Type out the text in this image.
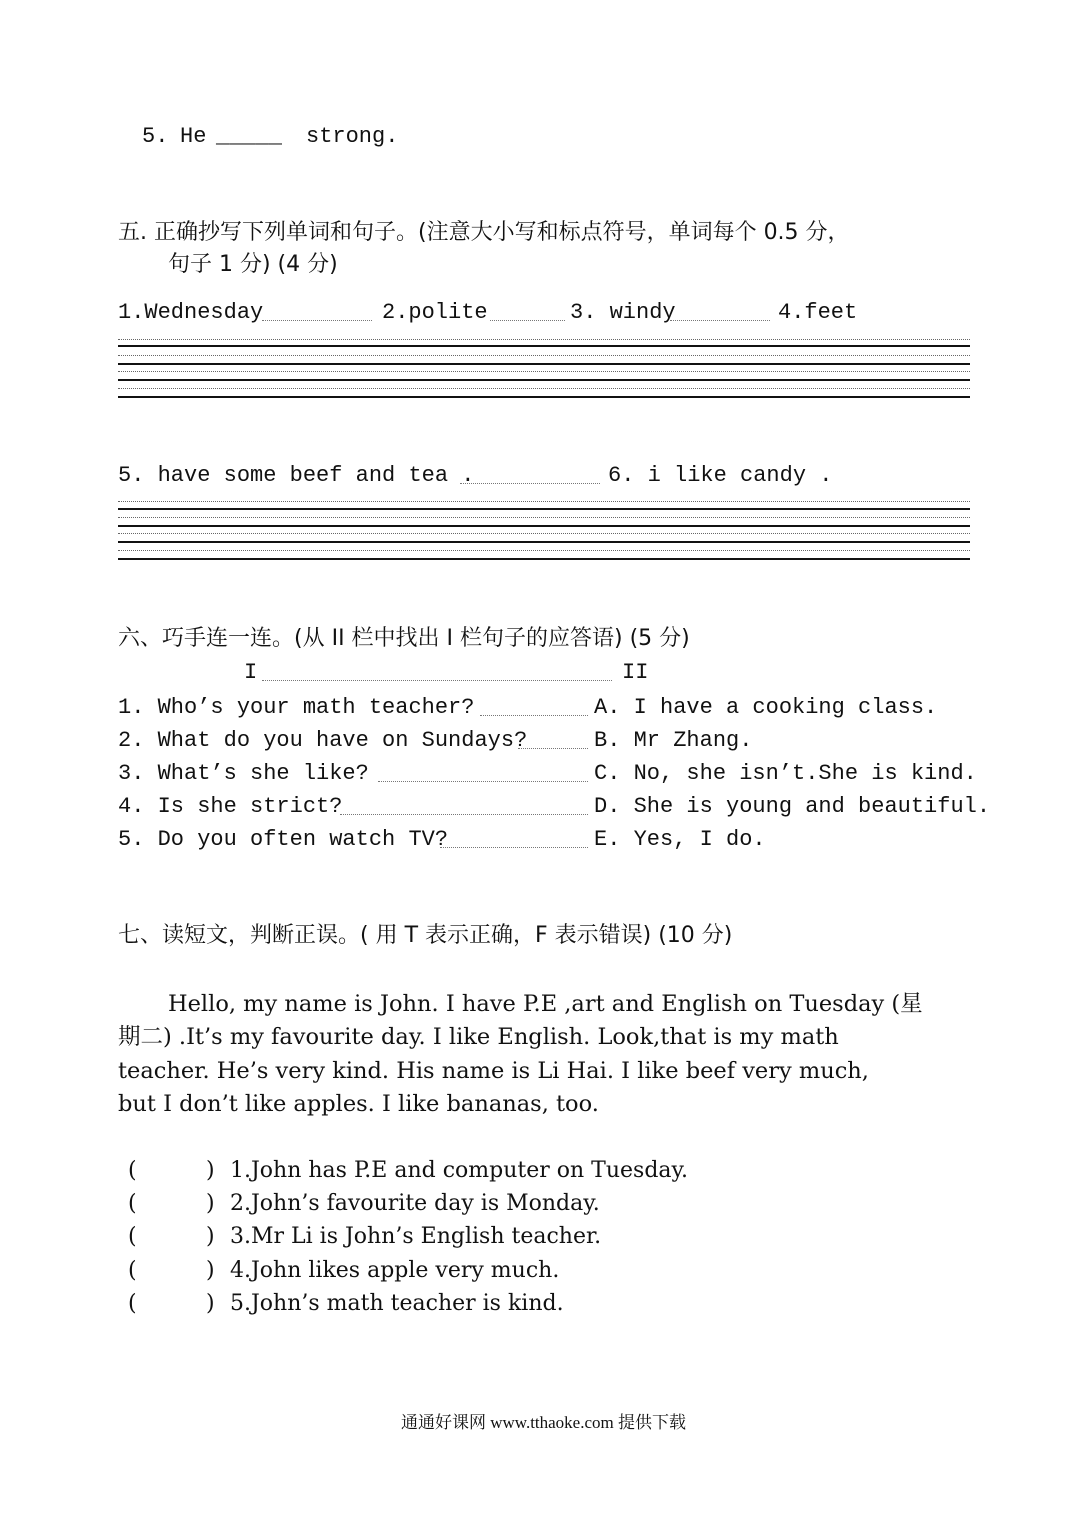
5. He _____ strong.
五. 正确抄写下列单词和句子。(注意大小写和标点符号，单词每个 0.5 分，
句子 1 分) (4 分)
1.Wednesday	2.polite	3. windy	4.feet
5. have some beef and tea .	6. i like candy .
六、巧手连一连。(从 II 栏中找出 I 栏句子的应答语) (5 分)
I	II
1. Who’s your math teacher?	A. I have a cooking class.
2. What do you have on Sundays?	B. Mr Zhang.
3. What’s she like?	C. No, she isn’t.She is kind.
4. Is she strict?	D. She is young and beautiful.
5. Do you often watch TV?	E. Yes, I do.
七、读短文，判断正误。( 用 T 表示正确，F 表示错误) (10 分)
Hello, my name is John. I have P.E ,art and English on Tuesday (星
期二) .It’s my favourite day. I like English. Look,that is my math
teacher. He’s very kind. His name is Li Hai. I like beef very much,
but I don’t like apples. I like bananas, too.
(	) 1.John has P.E and computer on Tuesday.
(	) 2.John’s favourite day is Monday.
(	) 3.Mr Li is John’s English teacher.
(	) 4.John likes apple very much.
(	) 5.John’s math teacher is kind.
通通好课网 www.tthaoke.com 提供下载
